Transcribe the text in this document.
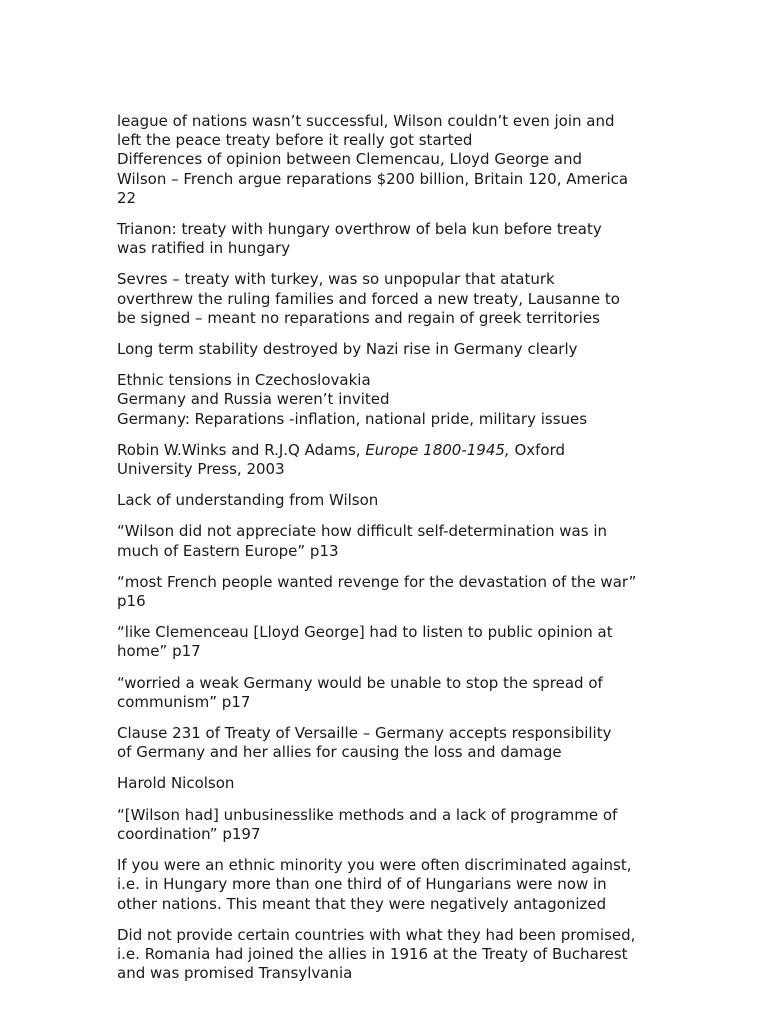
league of nations wasn’t successful, Wilson couldn’t even join and
left the peace treaty before it really got started
Differences of opinion between Clemencau, Lloyd George and
Wilson – French argue reparations $200 billion, Britain 120, America
22

Trianon: treaty with hungary overthrow of bela kun before treaty
was ratified in hungary

Sevres – treaty with turkey, was so unpopular that ataturk
overthrew the ruling families and forced a new treaty, Lausanne to
be signed – meant no reparations and regain of greek territories

Long term stability destroyed by Nazi rise in Germany clearly

Ethnic tensions in Czechoslovakia
Germany and Russia weren’t invited
Germany: Reparations -inflation, national pride, military issues

Robin W.Winks and R.J.Q Adams, Europe 1800-1945, Oxford
University Press, 2003

Lack of understanding from Wilson

“Wilson did not appreciate how difficult self-determination was in
much of Eastern Europe” p13

“most French people wanted revenge for the devastation of the war”
p16

“like Clemenceau [Lloyd George] had to listen to public opinion at
home” p17

“worried a weak Germany would be unable to stop the spread of
communism” p17

Clause 231 of Treaty of Versaille – Germany accepts responsibility
of Germany and her allies for causing the loss and damage

Harold Nicolson

“[Wilson had] unbusinesslike methods and a lack of programme of
coordination” p197

If you were an ethnic minority you were often discriminated against,
i.e. in Hungary more than one third of of Hungarians were now in
other nations. This meant that they were negatively antagonized

Did not provide certain countries with what they had been promised,
i.e. Romania had joined the allies in 1916 at the Treaty of Bucharest
and was promised Transylvania
